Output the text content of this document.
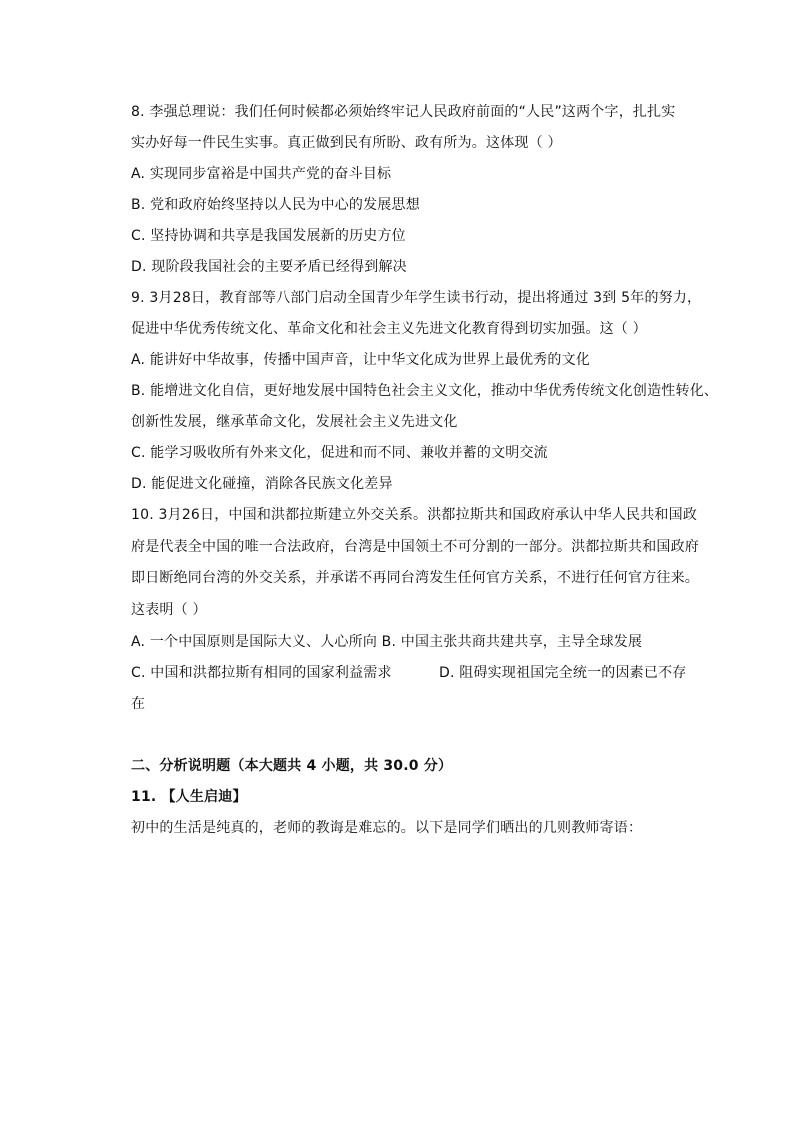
8. 李强总理说：我们任何时候都必须始终牢记人民政府前面的“人民”这两个字，扎扎实
实办好每一件民生实事。真正做到民有所盼、政有所为。这体现（ ）
A. 实现同步富裕是中国共产党的奋斗目标
B. 党和政府始终坚持以人民为中心的发展思想
C. 坚持协调和共享是我国发展新的历史方位
D. 现阶段我国社会的主要矛盾已经得到解决
9. 3月28日，教育部等八部门启动全国青少年学生读书行动，提出将通过 3到 5年的努力，
促进中华优秀传统文化、革命文化和社会主义先进文化教育得到切实加强。这（ ）
A. 能讲好中华故事，传播中国声音，让中华文化成为世界上最优秀的文化
B. 能增进文化自信，更好地发展中国特色社会主义文化，推动中华优秀传统文化创造性转化、
创新性发展，继承革命文化，发展社会主义先进文化
C. 能学习吸收所有外来文化，促进和而不同、兼收并蓄的文明交流
D. 能促进文化碰撞，消除各民族文化差异
10. 3月26日，中国和洪都拉斯建立外交关系。洪都拉斯共和国政府承认中华人民共和国政
府是代表全中国的唯一合法政府，台湾是中国领土不可分割的一部分。洪都拉斯共和国政府
即日断绝同台湾的外交关系，并承诺不再同台湾发生任何官方关系，不进行任何官方往来。
这表明（ ）
A. 一个中国原则是国际大义、人心所向 B. 中国主张共商共建共享，主导全球发展
C. 中国和洪都拉斯有相同的国家利益需求	D. 阻碍实现祖国完全统一的因素已不存
在
二、分析说明题（本大题共 4 小题，共 30.0 分）
11. 【人生启迪】
初中的生活是纯真的，老师的教诲是难忘的。以下是同学们晒出的几则教师寄语：
